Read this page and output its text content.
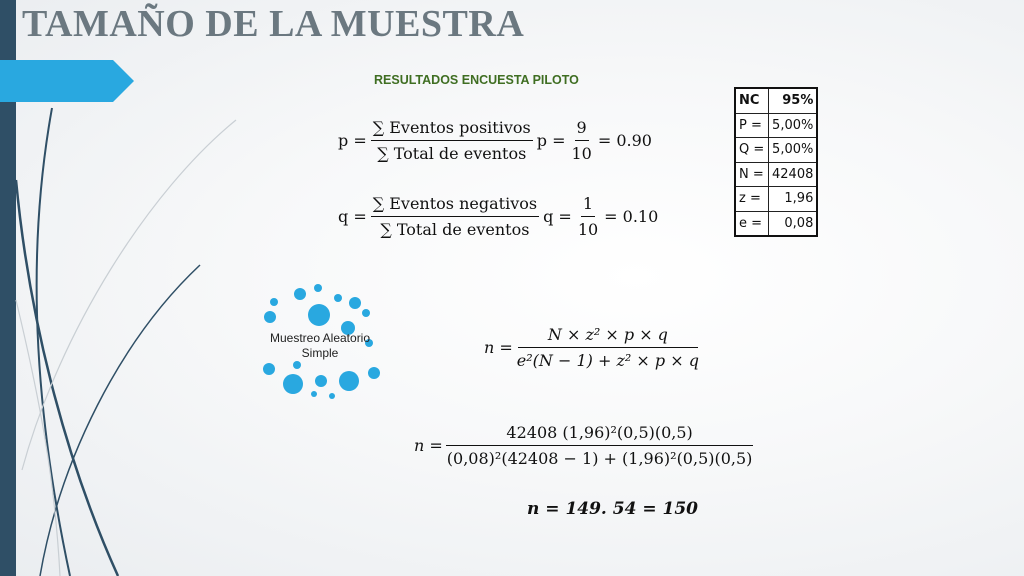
TAMAÑO DE LA MUESTRA
RESULTADOS ENCUESTA PILOTO
$p = \frac{\text{∑ Eventos positivos}}{\text{∑ Total de eventos}}$ $p = \frac{9}{10} = 0.90$
$q = \frac{\text{∑ Eventos negativos}}{\text{∑ Total de eventos}}$ $q = \frac{1}{10} = 0.10$
NC	95%
P =	5,00%
Q =	5,00%
N =	42408
z =	1,96
e =	0,08
Muestreo Aleatorio
Simple	$n = \frac{\text{N × z² × p × q}}{\text{e²(N − 1) + z² × p × q}}$
$n = \frac{\text{42408 (1,96)²(0,5)(0,5)}}{\text{(0,08)²(42408 − 1) + (1,96)²(0,5)(0,5)}}$
n = 149. 54 = 150
